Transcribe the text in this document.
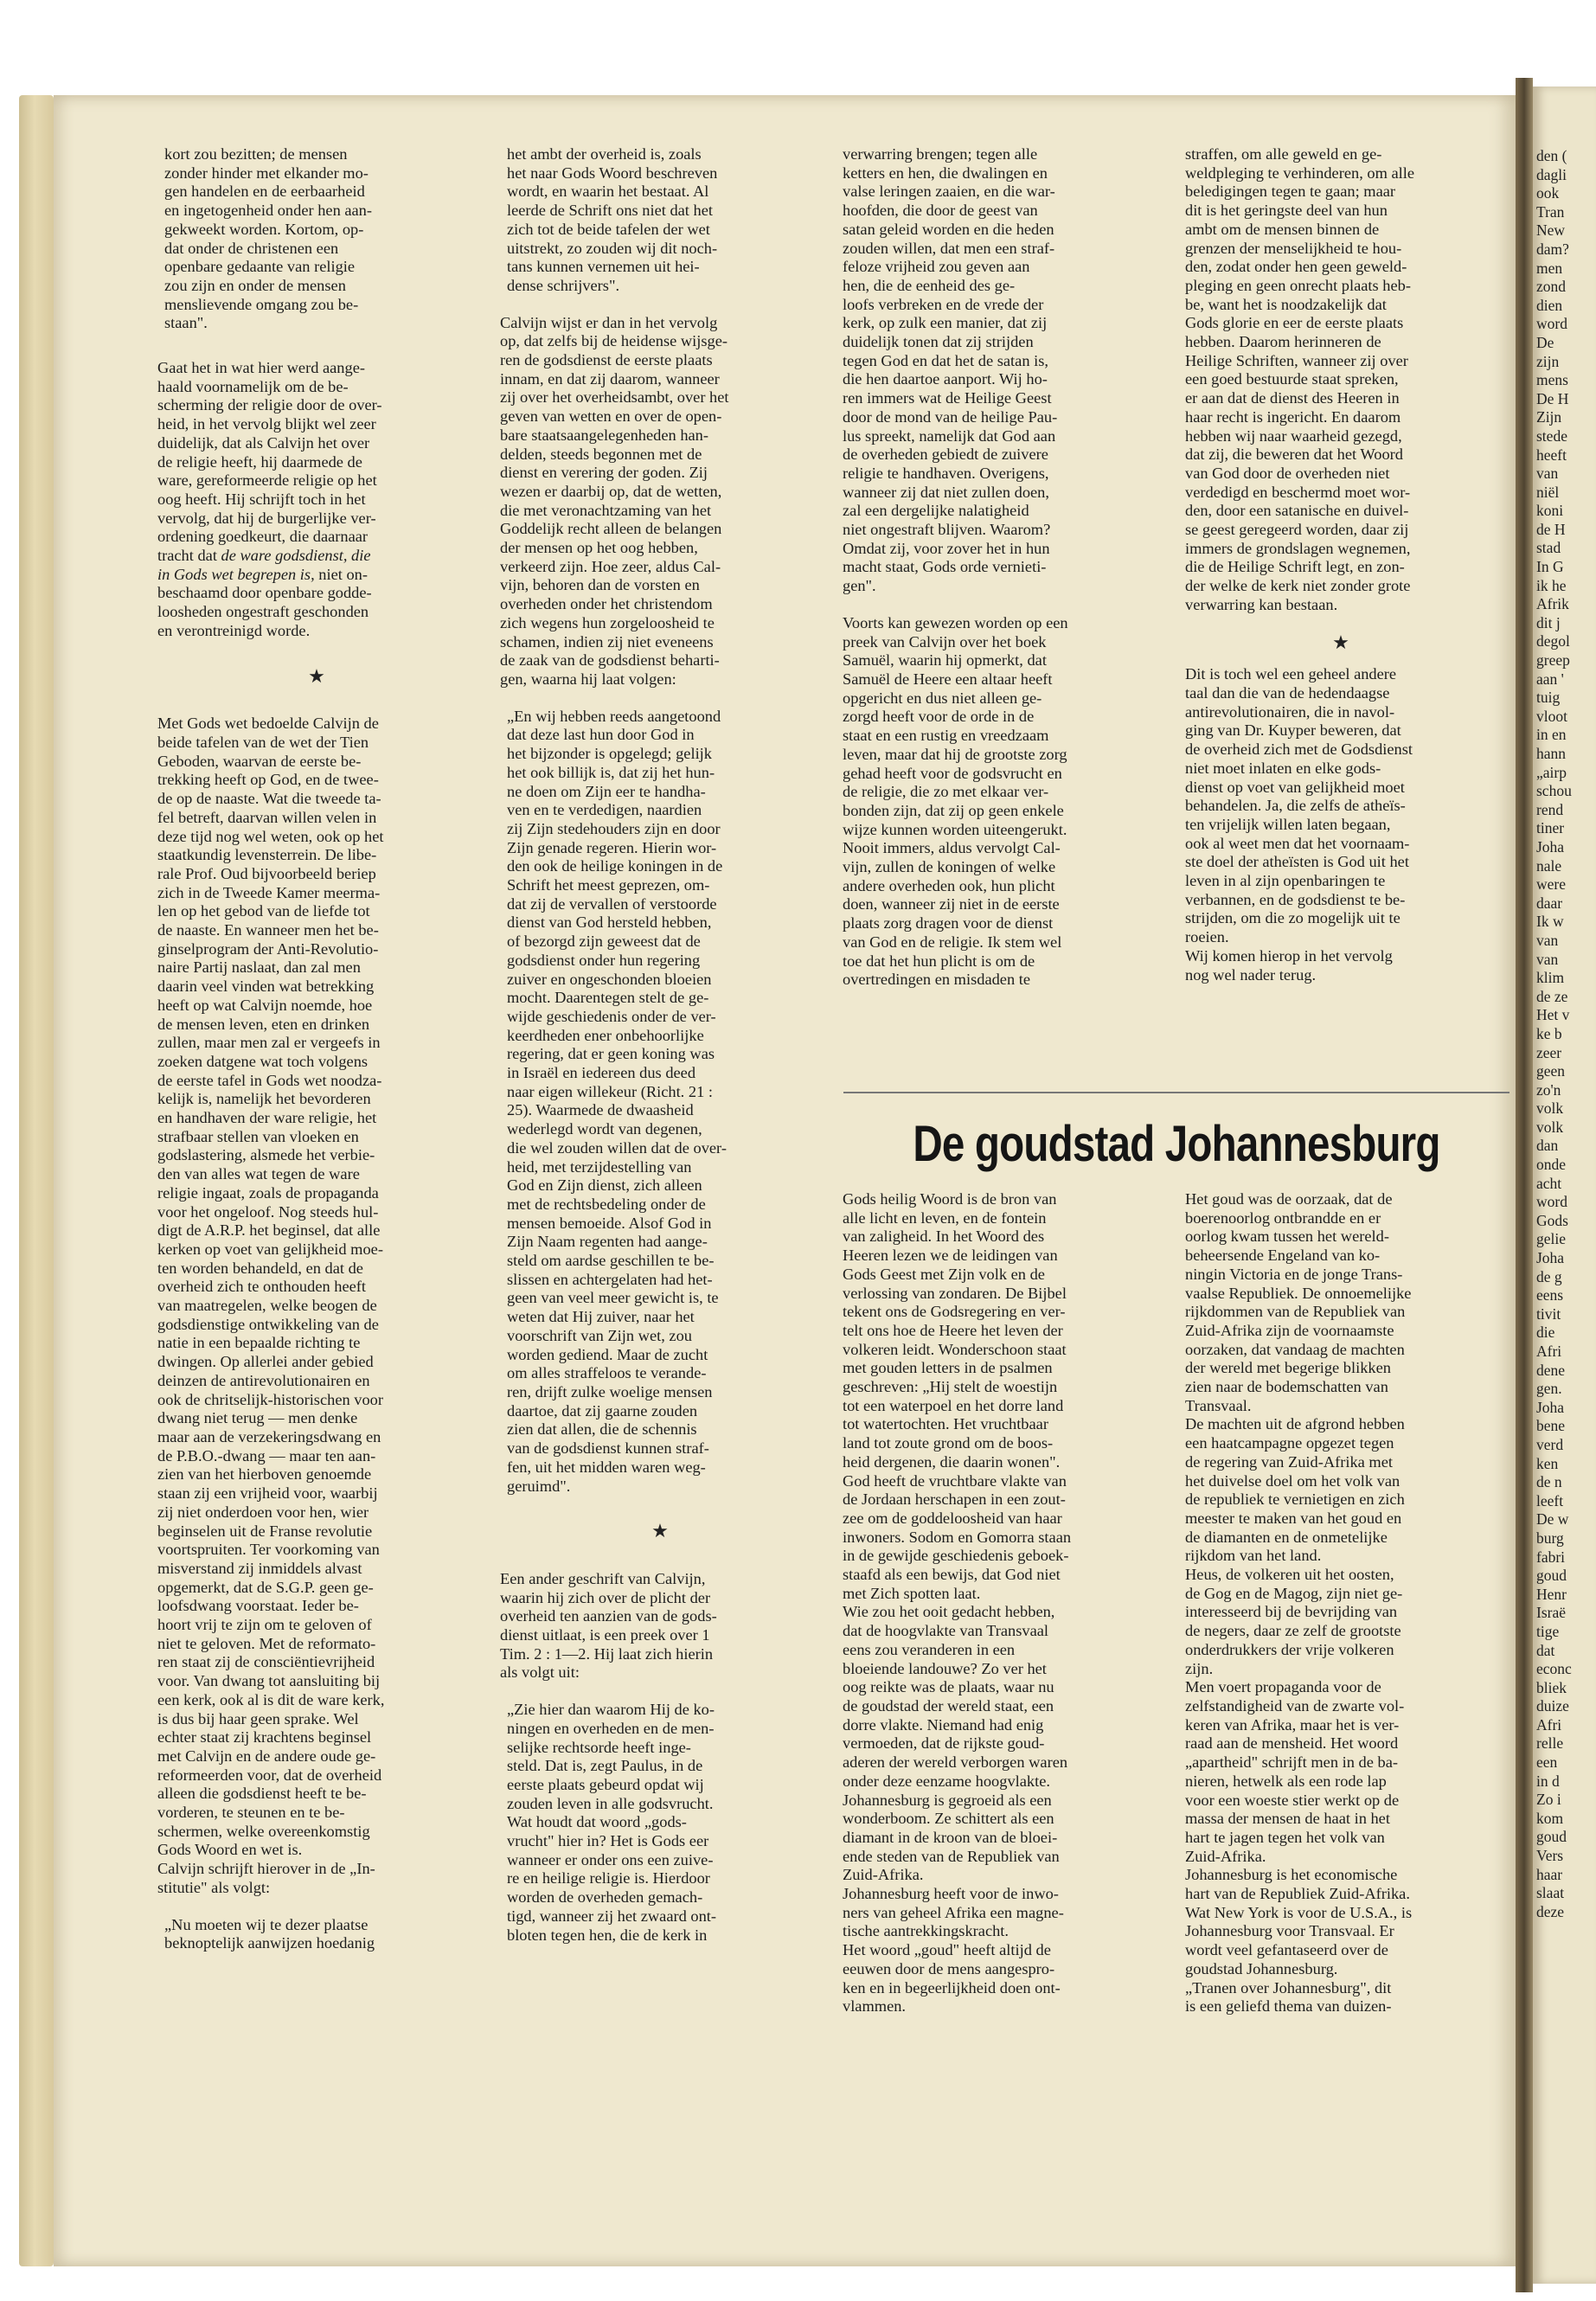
den (
dagli
ook
Tran
New
dam?
men
zond
dien
word
De
zijn
mens
De H
Zijn
stede
heeft
van
niël
koni
de H
stad
In G
ik he
Afrik
dit j
degol
greep
aan '
tuig
vloot
in en
hann
„airp
schou
rend
tiner
Joha
nale
were
daar
Ik w
van
van
klim
de ze
Het v
ke b
zeer
geen
zo'n
volk
volk
dan
onde
acht
word
Gods
gelie
Joha
de g
eens
tivit
die
Afri
dene
gen.
Joha
bene
verd
ken
de n
leeft
De w
burg
fabri
goud
Henr
Israë
tige
dat
econc
bliek
duize
Afri
relle
een
in d
Zo i
kom
goud
Vers
haar
slaat
deze

kort zou bezitten; de mensen
zonder hinder met elkander mo-
gen handelen en de eerbaarheid
en ingetogenheid onder hen aan-
gekweekt worden. Kortom, op-
dat onder de christenen een
openbare gedaante van religie
zou zijn en onder de mensen
menslievende omgang zou be-
staan".

Gaat het in wat hier werd aange-
haald voornamelijk om de be-
scherming der religie door de over-
heid, in het vervolg blijkt wel zeer
duidelijk, dat als Calvijn het over
de religie heeft, hij daarmede de
ware, gereformeerde religie op het
oog heeft. Hij schrijft toch in het
vervolg, dat hij de burgerlijke ver-
ordening goedkeurt, die daarnaar
tracht dat de ware godsdienst, die
in Gods wet begrepen is, niet on-
beschaamd door openbare godde-
loosheden ongestraft geschonden
en verontreinigd worde.

★

Met Gods wet bedoelde Calvijn de
beide tafelen van de wet der Tien
Geboden, waarvan de eerste be-
trekking heeft op God, en de twee-
de op de naaste. Wat die tweede ta-
fel betreft, daarvan willen velen in
deze tijd nog wel weten, ook op het
staatkundig levensterrein. De libe-
rale Prof. Oud bijvoorbeeld beriep
zich in de Tweede Kamer meerma-
len op het gebod van de liefde tot
de naaste. En wanneer men het be-
ginselprogram der Anti-Revolutio-
naire Partij naslaat, dan zal men
daarin veel vinden wat betrekking
heeft op wat Calvijn noemde, hoe
de mensen leven, eten en drinken
zullen, maar men zal er vergeefs in
zoeken datgene wat toch volgens
de eerste tafel in Gods wet noodza-
kelijk is, namelijk het bevorderen
en handhaven der ware religie, het
strafbaar stellen van vloeken en
godslastering, alsmede het verbie-
den van alles wat tegen de ware
religie ingaat, zoals de propaganda
voor het ongeloof. Nog steeds hul-
digt de A.R.P. het beginsel, dat alle
kerken op voet van gelijkheid moe-
ten worden behandeld, en dat de
overheid zich te onthouden heeft
van maatregelen, welke beogen de
godsdienstige ontwikkeling van de
natie in een bepaalde richting te
dwingen. Op allerlei ander gebied
deinzen de antirevolutionairen en
ook de chritselijk-historischen voor
dwang niet terug — men denke
maar aan de verzekeringsdwang en
de P.B.O.-dwang — maar ten aan-
zien van het hierboven genoemde
staan zij een vrijheid voor, waarbij
zij niet onderdoen voor hen, wier
beginselen uit de Franse revolutie
voortspruiten. Ter voorkoming van
misverstand zij inmiddels alvast
opgemerkt, dat de S.G.P. geen ge-
loofsdwang voorstaat. Ieder be-
hoort vrij te zijn om te geloven of
niet te geloven. Met de reformato-
ren staat zij de consciëntievrijheid
voor. Van dwang tot aansluiting bij
een kerk, ook al is dit de ware kerk,
is dus bij haar geen sprake. Wel
echter staat zij krachtens beginsel
met Calvijn en de andere oude ge-
reformeerden voor, dat de overheid
alleen die godsdienst heeft te be-
vorderen, te steunen en te be-
schermen, welke overeenkomstig
Gods Woord en wet is.
Calvijn schrijft hierover in de „In-
stitutie" als volgt:

„Nu moeten wij te dezer plaatse
beknoptelijk aanwijzen hoedanig

het ambt der overheid is, zoals
het naar Gods Woord beschreven
wordt, en waarin het bestaat. Al
leerde de Schrift ons niet dat het
zich tot de beide tafelen der wet
uitstrekt, zo zouden wij dit noch-
tans kunnen vernemen uit hei-
dense schrijvers".

Calvijn wijst er dan in het vervolg
op, dat zelfs bij de heidense wijsge-
ren de godsdienst de eerste plaats
innam, en dat zij daarom, wanneer
zij over het overheidsambt, over het
geven van wetten en over de open-
bare staatsaangelegenheden han-
delden, steeds begonnen met de
dienst en verering der goden. Zij
wezen er daarbij op, dat de wetten,
die met veronachtzaming van het
Goddelijk recht alleen de belangen
der mensen op het oog hebben,
verkeerd zijn. Hoe zeer, aldus Cal-
vijn, behoren dan de vorsten en
overheden onder het christendom
zich wegens hun zorgeloosheid te
schamen, indien zij niet eveneens
de zaak van de godsdienst beharti-
gen, waarna hij laat volgen:

„En wij hebben reeds aangetoond
dat deze last hun door God in
het bijzonder is opgelegd; gelijk
het ook billijk is, dat zij het hun-
ne doen om Zijn eer te handha-
ven en te verdedigen, naardien
zij Zijn stedehouders zijn en door
Zijn genade regeren. Hierin wor-
den ook de heilige koningen in de
Schrift het meest geprezen, om-
dat zij de vervallen of verstoorde
dienst van God hersteld hebben,
of bezorgd zijn geweest dat de
godsdienst onder hun regering
zuiver en ongeschonden bloeien
mocht. Daarentegen stelt de ge-
wijde geschiedenis onder de ver-
keerdheden ener onbehoorlijke
regering, dat er geen koning was
in Israël en iedereen dus deed
naar eigen willekeur (Richt. 21 :
25). Waarmede de dwaasheid
wederlegd wordt van degenen,
die wel zouden willen dat de over-
heid, met terzijdestelling van
God en Zijn dienst, zich alleen
met de rechtsbedeling onder de
mensen bemoeide. Alsof God in
Zijn Naam regenten had aange-
steld om aardse geschillen te be-
slissen en achtergelaten had het-
geen van veel meer gewicht is, te
weten dat Hij zuiver, naar het
voorschrift van Zijn wet, zou
worden gediend. Maar de zucht
om alles straffeloos te verande-
ren, drijft zulke woelige mensen
daartoe, dat zij gaarne zouden
zien dat allen, die de schennis
van de godsdienst kunnen straf-
fen, uit het midden waren weg-
geruimd".

★

Een ander geschrift van Calvijn,
waarin hij zich over de plicht der
overheid ten aanzien van de gods-
dienst uitlaat, is een preek over 1
Tim. 2 : 1—2. Hij laat zich hierin
als volgt uit:

„Zie hier dan waarom Hij de ko-
ningen en overheden en de men-
selijke rechtsorde heeft inge-
steld. Dat is, zegt Paulus, in de
eerste plaats gebeurd opdat wij
zouden leven in alle godsvrucht.
Wat houdt dat woord „gods-
vrucht" hier in? Het is Gods eer
wanneer er onder ons een zuive-
re en heilige religie is. Hierdoor
worden de overheden gemach-
tigd, wanneer zij het zwaard ont-
bloten tegen hen, die de kerk in

verwarring brengen; tegen alle
ketters en hen, die dwalingen en
valse leringen zaaien, en die war-
hoofden, die door de geest van
satan geleid worden en die heden
zouden willen, dat men een straf-
feloze vrijheid zou geven aan
hen, die de eenheid des ge-
loofs verbreken en de vrede der
kerk, op zulk een manier, dat zij
duidelijk tonen dat zij strijden
tegen God en dat het de satan is,
die hen daartoe aanport. Wij ho-
ren immers wat de Heilige Geest
door de mond van de heilige Pau-
lus spreekt, namelijk dat God aan
de overheden gebiedt de zuivere
religie te handhaven. Overigens,
wanneer zij dat niet zullen doen,
zal een dergelijke nalatigheid
niet ongestraft blijven. Waarom?
Omdat zij, voor zover het in hun
macht staat, Gods orde vernieti-
gen".

Voorts kan gewezen worden op een
preek van Calvijn over het boek
Samuël, waarin hij opmerkt, dat
Samuël de Heere een altaar heeft
opgericht en dus niet alleen ge-
zorgd heeft voor de orde in de
staat en een rustig en vreedzaam
leven, maar dat hij de grootste zorg
gehad heeft voor de godsvrucht en
de religie, die zo met elkaar ver-
bonden zijn, dat zij op geen enkele
wijze kunnen worden uiteengerukt.
Nooit immers, aldus vervolgt Cal-
vijn, zullen de koningen of welke
andere overheden ook, hun plicht
doen, wanneer zij niet in de eerste
plaats zorg dragen voor de dienst
van God en de religie. Ik stem wel
toe dat het hun plicht is om de
overtredingen en misdaden te

straffen, om alle geweld en ge-
weldpleging te verhinderen, om alle
beledigingen tegen te gaan; maar
dit is het geringste deel van hun
ambt om de mensen binnen de
grenzen der menselijkheid te hou-
den, zodat onder hen geen geweld-
pleging en geen onrecht plaats heb-
be, want het is noodzakelijk dat
Gods glorie en eer de eerste plaats
hebben. Daarom herinneren de
Heilige Schriften, wanneer zij over
een goed bestuurde staat spreken,
er aan dat de dienst des Heeren in
haar recht is ingericht. En daarom
hebben wij naar waarheid gezegd,
dat zij, die beweren dat het Woord
van God door de overheden niet
verdedigd en beschermd moet wor-
den, door een satanische en duivel-
se geest geregeerd worden, daar zij
immers de grondslagen wegnemen,
die de Heilige Schrift legt, en zon-
der welke de kerk niet zonder grote
verwarring kan bestaan.

★

Dit is toch wel een geheel andere
taal dan die van de hedendaagse
antirevolutionairen, die in navol-
ging van Dr. Kuyper beweren, dat
de overheid zich met de Godsdienst
niet moet inlaten en elke gods-
dienst op voet van gelijkheid moet
behandelen. Ja, die zelfs de atheïs-
ten vrijelijk willen laten begaan,
ook al weet men dat het voornaam-
ste doel der atheïsten is God uit het
leven in al zijn openbaringen te
verbannen, en de godsdienst te be-
strijden, om die zo mogelijk uit te
roeien.
Wij komen hierop in het vervolg
nog wel nader terug.

De goudstad Johannesburg

Gods heilig Woord is de bron van
alle licht en leven, en de fontein
van zaligheid. In het Woord des
Heeren lezen we de leidingen van
Gods Geest met Zijn volk en de
verlossing van zondaren. De Bijbel
tekent ons de Godsregering en ver-
telt ons hoe de Heere het leven der
volkeren leidt. Wonderschoon staat
met gouden letters in de psalmen
geschreven: „Hij stelt de woestijn
tot een waterpoel en het dorre land
tot watertochten. Het vruchtbaar
land tot zoute grond om de boos-
heid dergenen, die daarin wonen".
God heeft de vruchtbare vlakte van
de Jordaan herschapen in een zout-
zee om de goddeloosheid van haar
inwoners. Sodom en Gomorra staan
in de gewijde geschiedenis geboek-
staafd als een bewijs, dat God niet
met Zich spotten laat.
Wie zou het ooit gedacht hebben,
dat de hoogvlakte van Transvaal
eens zou veranderen in een
bloeiende landouwe? Zo ver het
oog reikte was de plaats, waar nu
de goudstad der wereld staat, een
dorre vlakte. Niemand had enig
vermoeden, dat de rijkste goud-
aderen der wereld verborgen waren
onder deze eenzame hoogvlakte.
Johannesburg is gegroeid als een
wonderboom. Ze schittert als een
diamant in de kroon van de bloei-
ende steden van de Republiek van
Zuid-Afrika.
Johannesburg heeft voor de inwo-
ners van geheel Afrika een magne-
tische aantrekkingskracht.
Het woord „goud" heeft altijd de
eeuwen door de mens aangespro-
ken en in begeerlijkheid doen ont-
vlammen.

Het goud was de oorzaak, dat de
boerenoorlog ontbrandde en er
oorlog kwam tussen het wereld-
beheersende Engeland van ko-
ningin Victoria en de jonge Trans-
vaalse Republiek. De onnoemelijke
rijkdommen van de Republiek van
Zuid-Afrika zijn de voornaamste
oorzaken, dat vandaag de machten
der wereld met begerige blikken
zien naar de bodemschatten van
Transvaal.
De machten uit de afgrond hebben
een haatcampagne opgezet tegen
de regering van Zuid-Afrika met
het duivelse doel om het volk van
de republiek te vernietigen en zich
meester te maken van het goud en
de diamanten en de onmetelijke
rijkdom van het land.
Heus, de volkeren uit het oosten,
de Gog en de Magog, zijn niet ge-
interesseerd bij de bevrijding van
de negers, daar ze zelf de grootste
onderdrukkers der vrije volkeren
zijn.
Men voert propaganda voor de
zelfstandigheid van de zwarte vol-
keren van Afrika, maar het is ver-
raad aan de mensheid. Het woord
„apartheid" schrijft men in de ba-
nieren, hetwelk als een rode lap
voor een woeste stier werkt op de
massa der mensen de haat in het
hart te jagen tegen het volk van
Zuid-Afrika.
Johannesburg is het economische
hart van de Republiek Zuid-Afrika.
Wat New York is voor de U.S.A., is
Johannesburg voor Transvaal. Er
wordt veel gefantaseerd over de
goudstad Johannesburg.
„Tranen over Johannesburg", dit
is een geliefd thema van duizen-
